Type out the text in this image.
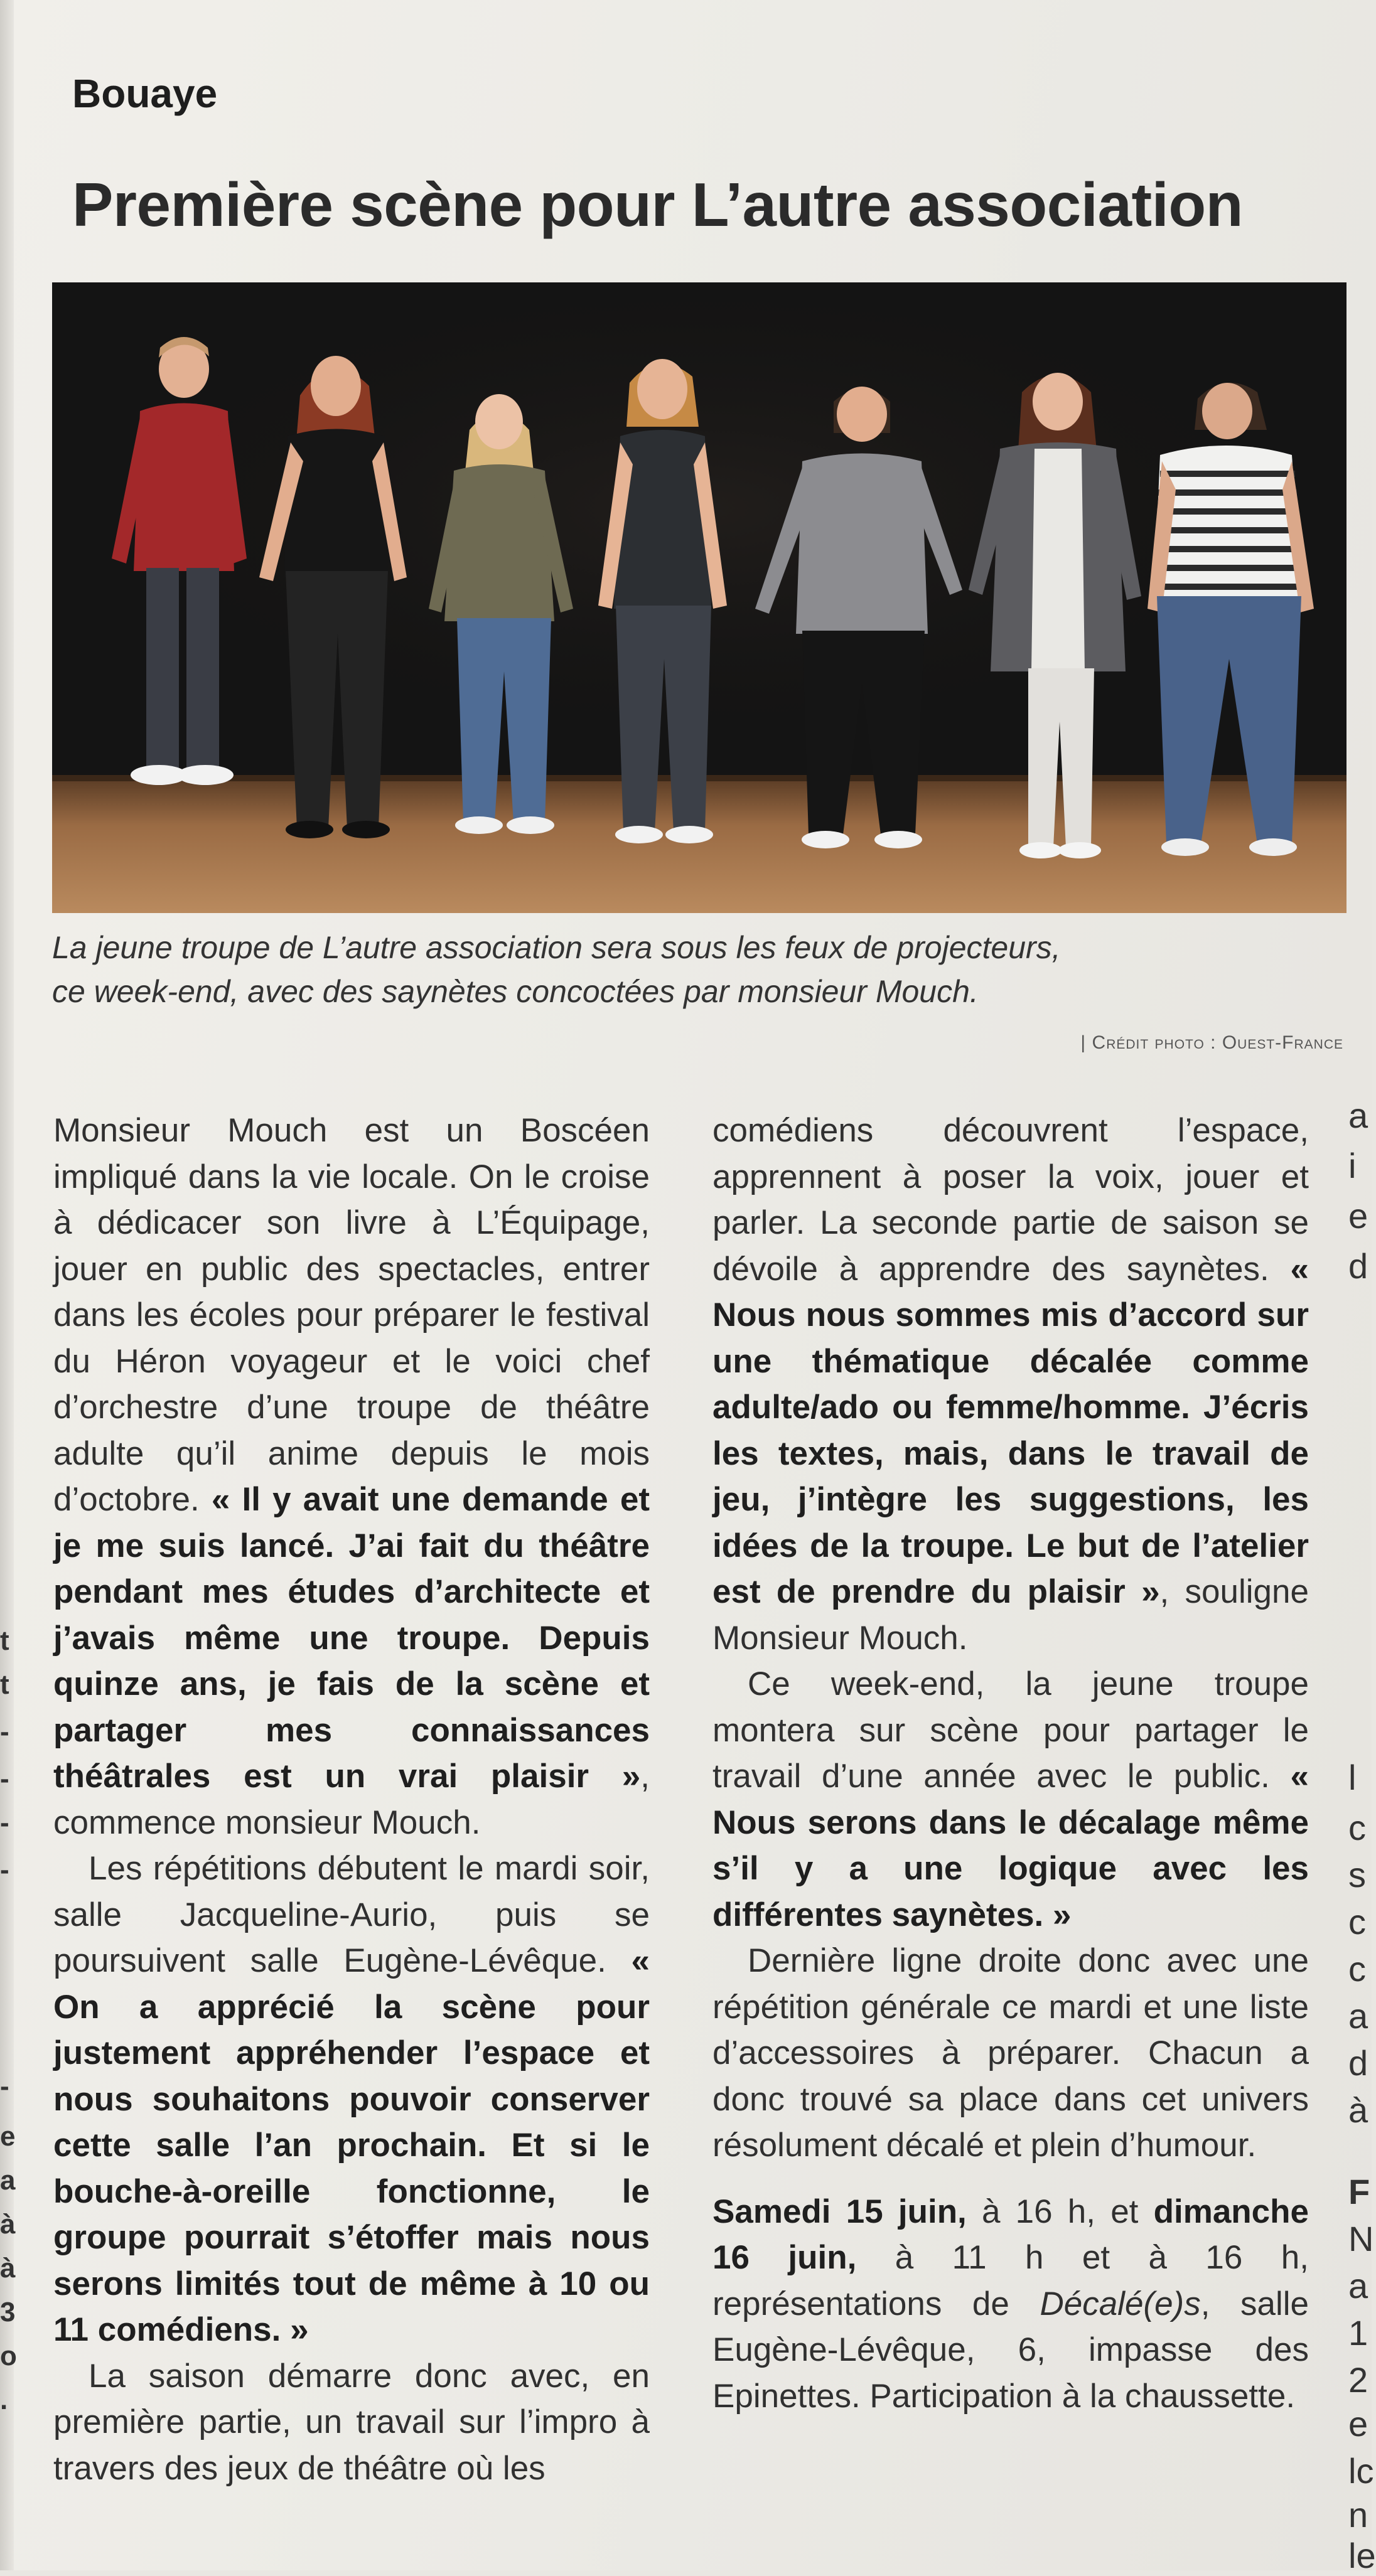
t
t
-
-
-
-
-
e
a
à
à
3
o
.
a
i
e
d
l
c
s
c
c
a
d
à
F
N
a
1
2
e
lc
n
le
Bouaye
Première scène pour L’autre association
La jeune troupe de L’autre association sera sous les feux de projecteurs,
ce week-end, avec des saynètes concoctées par monsieur Mouch.
| Crédit photo : Ouest-France

Monsieur Mouch est un Boscéen impliqué dans la vie locale. On le croise à dédicacer son livre à L’Équipage, jouer en public des spectacles, entrer dans les écoles pour préparer le festival du Héron voyageur et le voici chef d’orchestre d’une troupe de théâtre adulte qu’il anime depuis le mois d’octobre. « Il y avait une demande et je me suis lancé. J’ai fait du théâtre pendant mes études d’architecte et j’avais même une troupe. Depuis quinze ans, je fais de la scène et partager mes connaissances théâtrales est un vrai plaisir », commence monsieur Mouch.

Les répétitions débutent le mardi soir, salle Jacqueline-Aurio, puis se poursuivent salle Eugène-Lévêque. « On a apprécié la scène pour justement appréhender l’espace et nous souhaitons pouvoir conserver cette salle l’an prochain. Et si le bouche-à-oreille fonctionne, le groupe pourrait s’étoffer mais nous serons limités tout de même à 10 ou 11 comédiens. »

La saison démarre donc avec, en première partie, un travail sur l’impro à travers des jeux de théâtre où les

comédiens découvrent l’espace, apprennent à poser la voix, jouer et parler. La seconde partie de saison se dévoile à apprendre des saynètes. « Nous nous sommes mis d’accord sur une thématique décalée comme adulte/ado ou femme/homme. J’écris les textes, mais, dans le travail de jeu, j’intègre les suggestions, les idées de la troupe. Le but de l’atelier est de prendre du plaisir », souligne Monsieur Mouch.

Ce week-end, la jeune troupe montera sur scène pour partager le travail d’une année avec le public. « Nous serons dans le décalage même s’il y a une logique avec les différentes saynètes. »

Dernière ligne droite donc avec une répétition générale ce mardi et une liste d’accessoires à préparer. Chacun a donc trouvé sa place dans cet univers résolument décalé et plein d’humour.

Samedi 15 juin, à 16 h, et dimanche 16 juin, à 11 h et à 16 h, représentations de Décalé(e)s, salle Eugène-Lévêque, 6, impasse des Epinettes. Participation à la chaussette.
